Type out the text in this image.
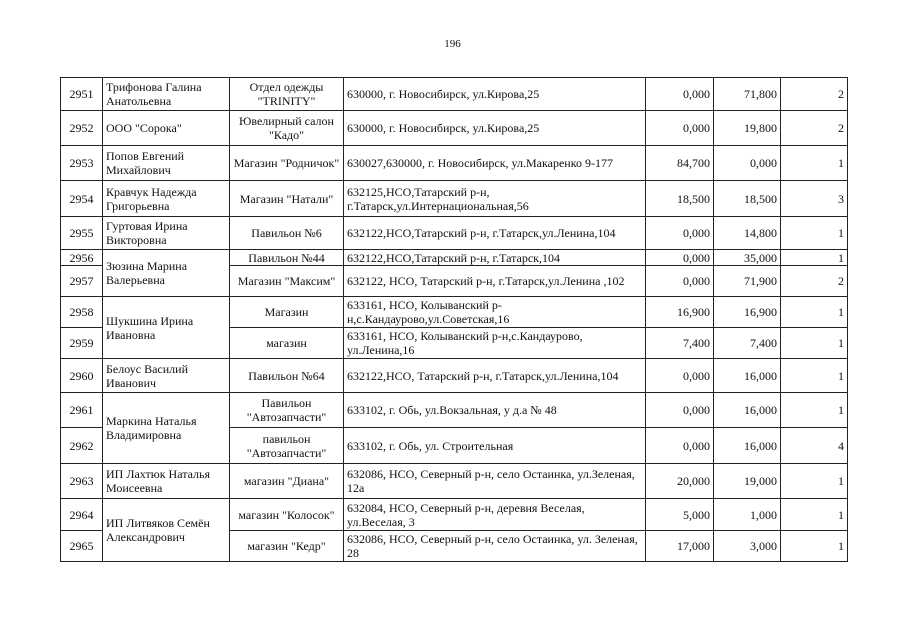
196
2951	Трифонова Галина Анатольевна	Отдел одежды "TRINITY"	630000, г. Новосибирск, ул.Кирова,25	0,000	71,800	2
2952	ООО "Сорока"	Ювелирный салон "Кадо"	630000, г. Новосибирск, ул.Кирова,25	0,000	19,800	2
2953	Попов Евгений Михайлович	Магазин "Родничок"	630027,630000, г. Новосибирск, ул.Макаренко 9-177	84,700	0,000	1
2954	Кравчук Надежда Григорьевна	Магазин "Натали"	632125,НСО,Татарский р-н, г.Татарск,ул.Интернациональная,56	18,500	18,500	3
2955	Гуртовая Ирина Викторовна	Павильон №6	632122,НСО,Татарский р-н, г.Татарск,ул.Ленина,104	0,000	14,800	1
2956	Зюзина Марина Валерьевна	Павильон №44	632122,НСО,Татарский р-н, г.Татарск,104	0,000	35,000	1
2957		Магазин "Максим"	632122, НСО, Татарский р-н, г.Татарск,ул.Ленина ,102	0,000	71,900	2
2958	Шукшина Ирина Ивановна	Магазин	633161, НСО, Колыванский р-н,с.Кандаурово,ул.Советская,16	16,900	16,900	1
2959		магазин	633161, НСО, Колыванский р-н,с.Кандаурово, ул.Ленина,16	7,400	7,400	1
2960	Белоус Василий Иванович	Павильон №64	632122,НСО, Татарский р-н, г.Татарск,ул.Ленина,104	0,000	16,000	1
2961	Маркина Наталья Владимировна	Павильон "Автозапчасти"	633102, г. Обь, ул.Вокзальная, у д.а № 48	0,000	16,000	1
2962		павильон "Автозапчасти"	633102, г. Обь, ул. Строительная	0,000	16,000	4
2963	ИП Лахтюк Наталья Моисеевна	магазин "Диана"	632086, НСО, Северный р-н, село Остаинка, ул.Зеленая, 12а	20,000	19,000	1
2964	ИП Литвяков Семён Александрович	магазин "Колосок"	632084, НСО, Северный р-н, деревня Веселая, ул.Веселая, 3	5,000	1,000	1
2965		магазин "Кедр"	632086, НСО, Северный р-н, село Остаинка, ул. Зеленая, 28	17,000	3,000	1
